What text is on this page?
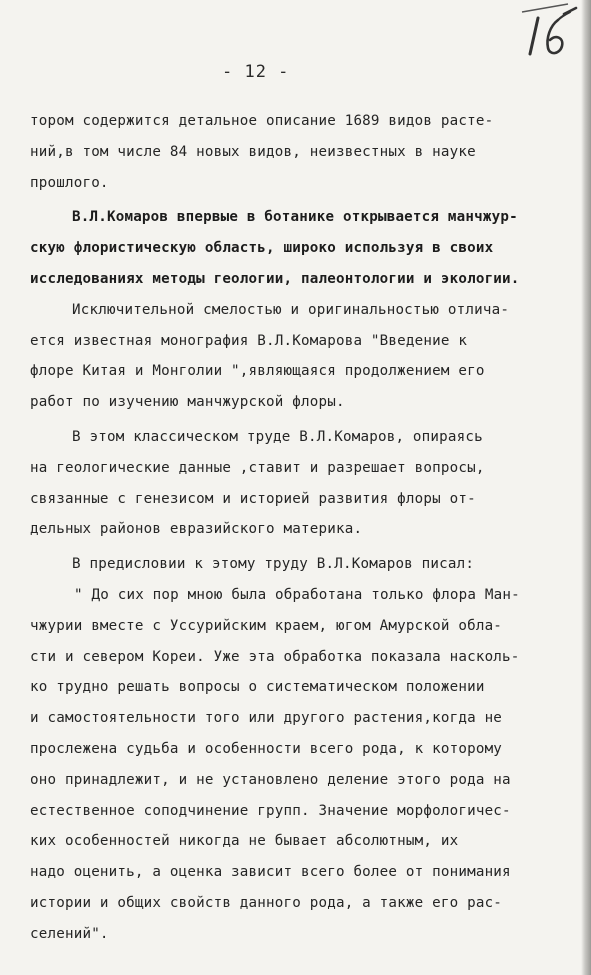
- 12 -
тором содержится детальное описание 1689 видов расте-
ний,в том числе 84 новых видов, неизвестных в науке
прошлого.
В.Л.Комаров впервые в ботанике открывается манчжур-
скую флористическую область, широко используя в своих
исследованиях методы геологии, палеонтологии и экологии.
Исключительной смелостью и оригинальностью отлича-
ется известная монография В.Л.Комарова "Введение к
флоре Китая и Монголии ",являющаяся продолжением его
работ по изучению манчжурской флоры.
В этом классическом труде В.Л.Комаров, опираясь
на геологические данные ,ставит и разрешает вопросы,
связанные с генезисом и историей развития флоры от-
дельных районов евразийского материка.
В предисловии к этому труду В.Л.Комаров писал:
" До сих пор мною была обработана только флора Ман-
чжурии вместе с Уссурийским краем, югом Амурской обла-
сти и севером Кореи. Уже эта обработка показала насколь-
ко трудно решать вопросы о систематическом положении
и самостоятельности того или другого растения,когда не
прослежена судьба и особенности всего рода, к которому
оно принадлежит, и не установлено деление этого рода на
естественное соподчинение групп. Значение морфологичес-
ких особенностей никогда не бывает абсолютным, их
надо оценить, а оценка зависит всего более от понимания
истории и общих свойств данного рода, а также его рас-
селений".
